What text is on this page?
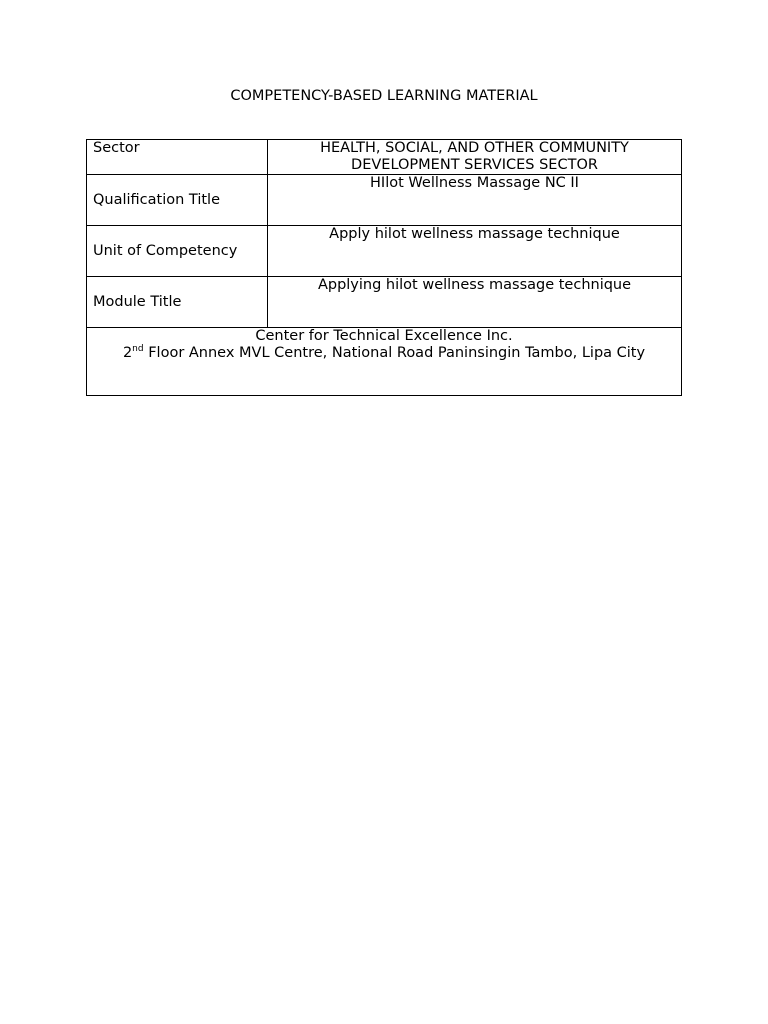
COMPETENCY-BASED LEARNING MATERIAL
Sector	HEALTH, SOCIAL, AND OTHER COMMUNITY
DEVELOPMENT SERVICES SECTOR

Qualification Title	HIlot Wellness Massage NC II

Unit of Competency	Apply hilot wellness massage technique

Module Title	Applying hilot wellness massage technique

Center for Technical Excellence Inc.
2nd Floor Annex MVL Centre, National Road Paninsingin Tambo, Lipa City	
